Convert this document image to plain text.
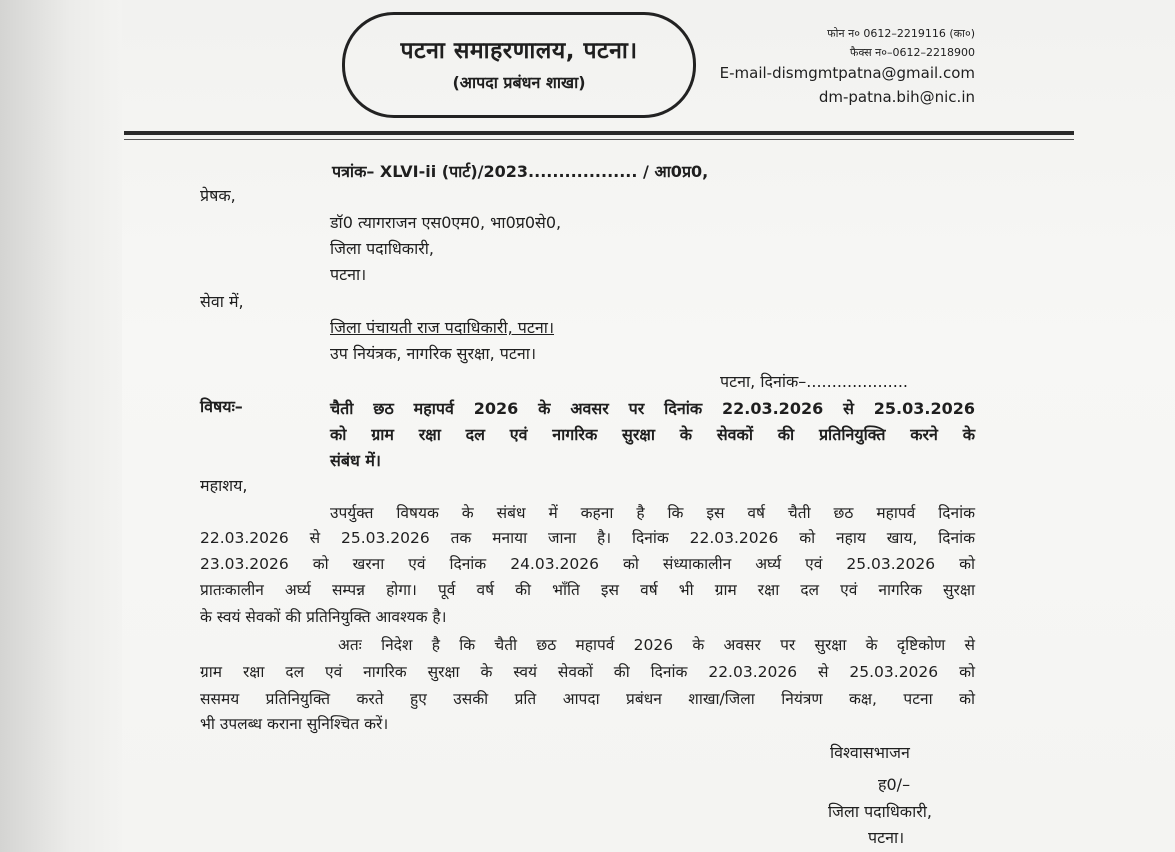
पटना समाहरणालय, पटना।
(आपदा प्रबंधन शाखा)
फोन न० 0612–2219116 (का०)
फैक्स न०–0612–2218900
E-mail-dismgmtpatna@gmail.com
dm-patna.bih@nic.in
पत्रांक– XLVI-ii (पार्ट)/2023.................. / आ0प्र0,
प्रेषक,
डॉ0 त्यागराजन एस0एम0, भा0प्र0से0,
जिला पदाधिकारी,
पटना।
सेवा में,
जिला पंचायती राज पदाधिकारी, पटना।
उप नियंत्रक, नागरिक सुरक्षा, पटना।
पटना, दिनांक–....................
विषयः–	चैती छठ महापर्व 2026 के अवसर पर दिनांक 22.03.2026 से 25.03.2026
को ग्राम रक्षा दल एवं नागरिक सुरक्षा के सेवकों की प्रतिनियुक्ति करने के
संबंध में।
महाशय,
उपर्युक्त विषयक के संबंध में कहना है कि इस वर्ष चैती छठ महापर्व दिनांक
22.03.2026 से 25.03.2026 तक मनाया जाना है। दिनांक 22.03.2026 को नहाय खाय, दिनांक
23.03.2026 को खरना एवं दिनांक 24.03.2026 को संध्याकालीन अर्घ्य एवं 25.03.2026 को
प्रातःकालीन अर्घ्य सम्पन्न होगा। पूर्व वर्ष की भाँति इस वर्ष भी ग्राम रक्षा दल एवं नागरिक सुरक्षा
के स्वयं सेवकों की प्रतिनियुक्ति आवश्यक है।
अतः निदेश है कि चैती छठ महापर्व 2026 के अवसर पर सुरक्षा के दृष्टिकोण से
ग्राम रक्षा दल एवं नागरिक सुरक्षा के स्वयं सेवकों की दिनांक 22.03.2026 से 25.03.2026 को
ससमय प्रतिनियुक्ति करते हुए उसकी प्रति आपदा प्रबंधन शाखा/जिला नियंत्रण कक्ष, पटना को
भी उपलब्ध कराना सुनिश्चित करें।
विश्वासभाजन
ह0/–
जिला पदाधिकारी,
पटना।
